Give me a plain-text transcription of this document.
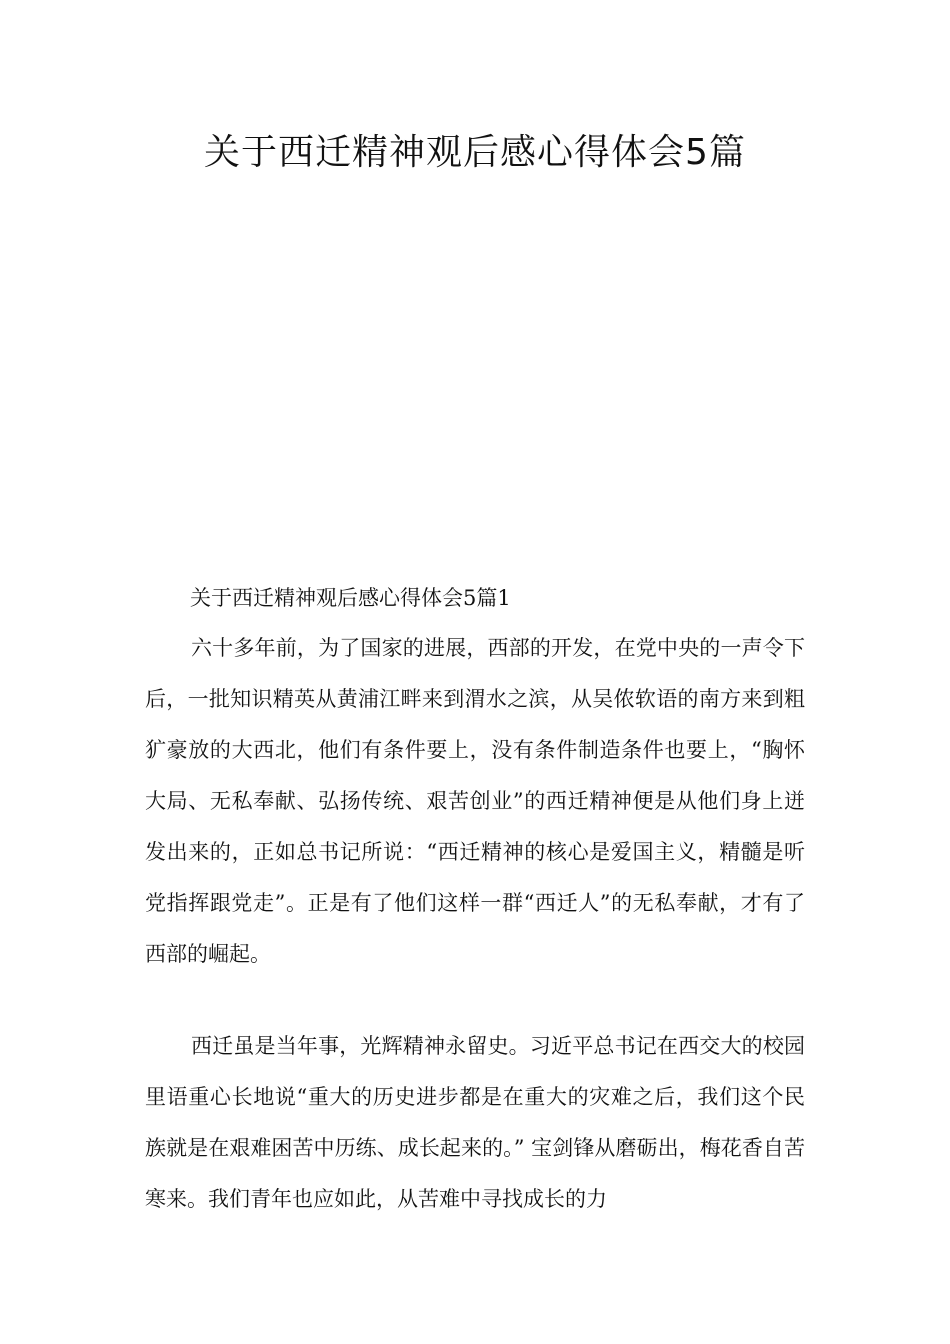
关于西迁精神观后感心得体会5篇
关于西迁精神观后感心得体会5篇1

六十多年前，为了国家的进展，西部的开发，在党中央的一声令下后，一批知识精英从黄浦江畔来到渭水之滨，从吴侬软语的南方来到粗犷豪放的大西北，他们有条件要上，没有条件制造条件也要上，“胸怀大局、无私奉献、弘扬传统、艰苦创业”的西迁精神便是从他们身上迸发出来的，正如总书记所说：“西迁精神的核心是爱国主义，精髓是听党指挥跟党走”。正是有了他们这样一群“西迁人”的无私奉献，才有了西部的崛起。

西迁虽是当年事，光辉精神永留史。习近平总书记在西交大的校园里语重心长地说“重大的历史进步都是在重大的灾难之后，我们这个民族就是在艰难困苦中历练、成长起来的。” 宝剑锋从磨砺出，梅花香自苦寒来。我们青年也应如此，从苦难中寻找成长的力
